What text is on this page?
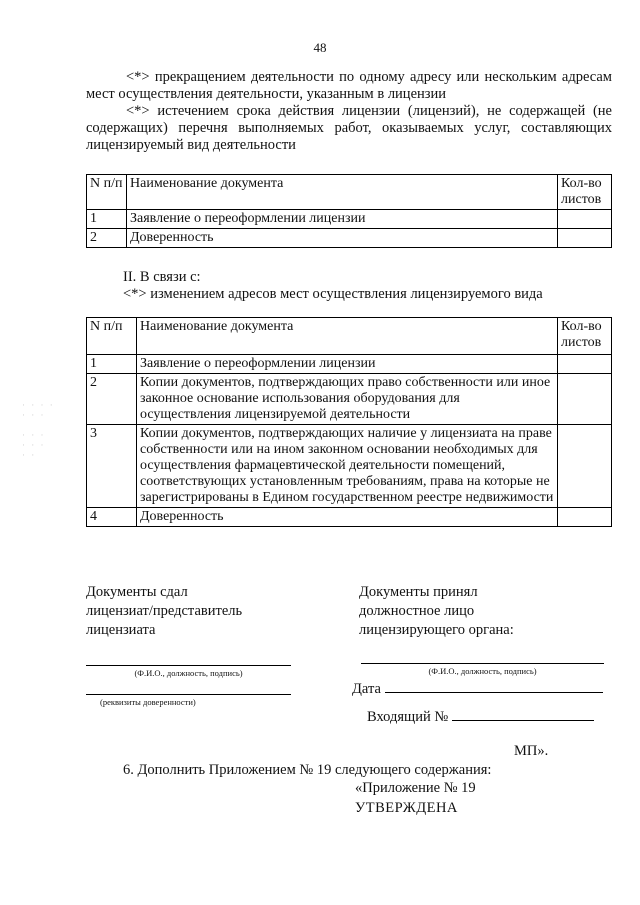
48

<*> прекращением деятельности по одному адресу или нескольким адресам мест осуществления деятельности, указанным в лицензии

<*> истечением срока действия лицензии (лицензий), не содержащей (не содержащих) перечня выполняемых работ, оказываемых услуг, составляющих лицензируемый вид деятельности

N п/п	Наименование документа	Кол-во листов
1	Заявление о переоформлении лицензии	
2	Доверенность	
II. В связи с:
<*> изменением адресов мест осуществления лицензируемого вида
N п/п	Наименование документа	Кол-во листов
1	Заявление о переоформлении лицензии	
2	Копии документов, подтверждающих право собственности или иное законное основание использования оборудования для осуществления лицензируемой деятельности	
3	Копии документов, подтверждающих наличие у лицензиата на праве собственности или на ином законном основании необходимых для осуществления фармацевтической деятельности помещений, соответствующих установленным требованиям, права на которые не зарегистрированы в Едином государственном реестре недвижимости	
4	Доверенность	
· · · ·
· · ·

· · ·
· · ·
· ·
Документы сдал
лицензиат/представитель
лицензиата
Документы принял
должностное лицо
лицензирующего органа:
(Ф.И.О., должность, подпись)
(реквизиты доверенности)
(Ф.И.О., должность, подпись)
Дата
Входящий №
МП».
6. Дополнить Приложением № 19 следующего содержания:
«Приложение № 19
УТВЕРЖДЕНА
